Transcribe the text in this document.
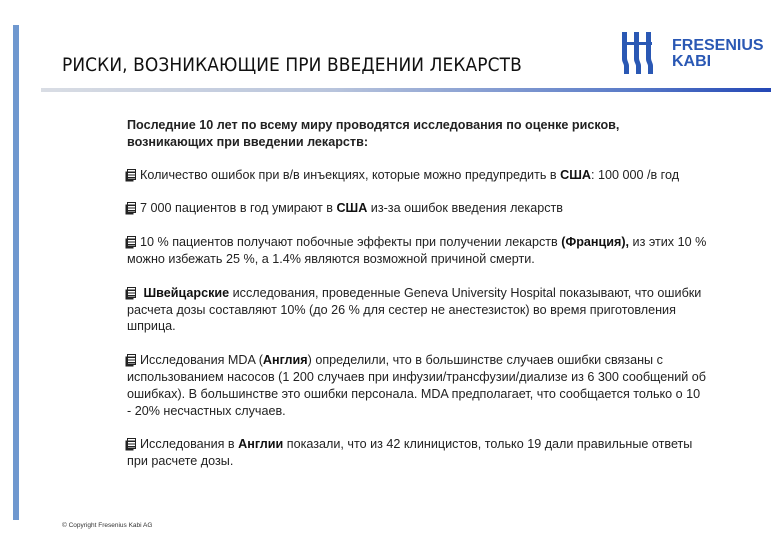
РИСКИ, ВОЗНИКАЮЩИЕ ПРИ ВВЕДЕНИИ ЛЕКАРСТВ
FRESENIUS
KABI
Последние 10 лет по всему миру проводятся исследования по оценке рисков,
возникающих при введении лекарств:
Количество ошибок при в/в инъекциях, которые можно предупредить в США: 100 000 /в год
7 000 пациентов в год умирают в США из-за ошибок введения лекарств
10 % пациентов получают побочные эффекты при получении лекарств (Франция), из этих 10 %
можно избежать 25 %, а 1.4% являются возможной причиной смерти.
Швейцарские исследования, проведенные Geneva University Hospital показывают, что ошибки
расчета дозы составляют 10% (до 26 % для сестер не анестезисток) во время приготовления
шприца.
Исследования MDA (Англия) определили, что в большинстве случаев ошибки связаны с
использованием насосов (1 200 случаев при инфузии/трансфузии/диализе из 6 300 сообщений об
ошибках). В большинстве это ошибки персонала. MDA предполагает, что сообщается только о 10
- 20% несчастных случаев.
Исследования в Англии показали, что из 42 клиницистов, только 19 дали правильные ответы
при расчете дозы.
© Copyright Fresenius Kabi AG
